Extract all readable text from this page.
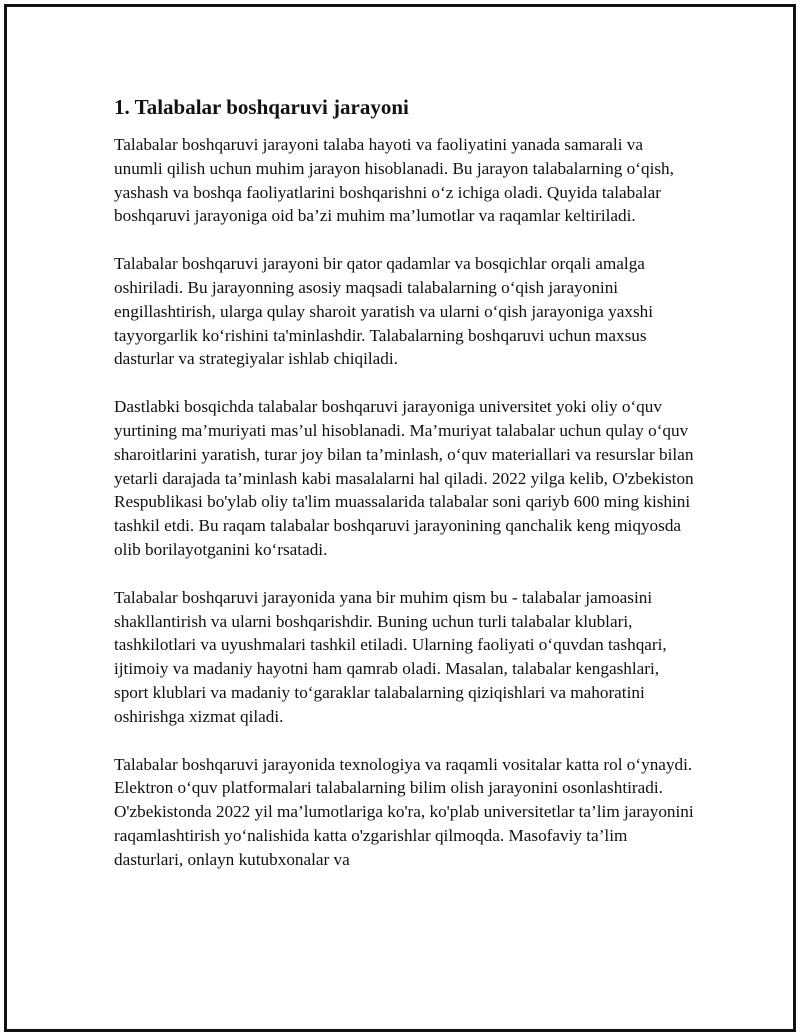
1. Talabalar boshqaruvi jarayoni

Talabalar boshqaruvi jarayoni talaba hayoti va faoliyatini yanada samarali va unumli qilish uchun muhim jarayon hisoblanadi. Bu jarayon talabalarning o‘qish, yashash va boshqa faoliyatlarini boshqarishni o‘z ichiga oladi. Quyida talabalar boshqaruvi jarayoniga oid ba’zi muhim ma’lumotlar va raqamlar keltiriladi.

Talabalar boshqaruvi jarayoni bir qator qadamlar va bosqichlar orqali amalga oshiriladi. Bu jarayonning asosiy maqsadi talabalarning o‘qish jarayonini engillashtirish, ularga qulay sharoit yaratish va ularni o‘qish jarayoniga yaxshi tayyorgarlik ko‘rishini ta'minlashdir. Talabalarning boshqaruvi uchun maxsus dasturlar va strategiyalar ishlab chiqiladi.

Dastlabki bosqichda talabalar boshqaruvi jarayoniga universitet yoki oliy o‘quv yurtining ma’muriyati mas’ul hisoblanadi. Ma’muriyat talabalar uchun qulay o‘quv sharoitlarini yaratish, turar joy bilan ta’minlash, o‘quv materiallari va resurslar bilan yetarli darajada ta’minlash kabi masalalarni hal qiladi. 2022 yilga kelib, O'zbekiston Respublikasi bo'ylab oliy ta'lim muassalarida talabalar soni qariyb 600 ming kishini tashkil etdi. Bu raqam talabalar boshqaruvi jarayonining qanchalik keng miqyosda olib borilayotganini ko‘rsatadi.

Talabalar boshqaruvi jarayonida yana bir muhim qism bu - talabalar jamoasini shakllantirish va ularni boshqarishdir. Buning uchun turli talabalar klublari, tashkilotlari va uyushmalari tashkil etiladi. Ularning faoliyati o‘quvdan tashqari, ijtimoiy va madaniy hayotni ham qamrab oladi. Masalan, talabalar kengashlari, sport klublari va madaniy to‘garaklar talabalarning qiziqishlari va mahoratini oshirishga xizmat qiladi.

Talabalar boshqaruvi jarayonida texnologiya va raqamli vositalar katta rol o‘ynaydi. Elektron o‘quv platformalari talabalarning bilim olish jarayonini osonlashtiradi. O'zbekistonda 2022 yil ma’lumotlariga ko'ra, ko'plab universitetlar ta’lim jarayonini raqamlashtirish yo‘nalishida katta o'zgarishlar qilmoqda. Masofaviy ta’lim dasturlari, onlayn kutubxonalar va
